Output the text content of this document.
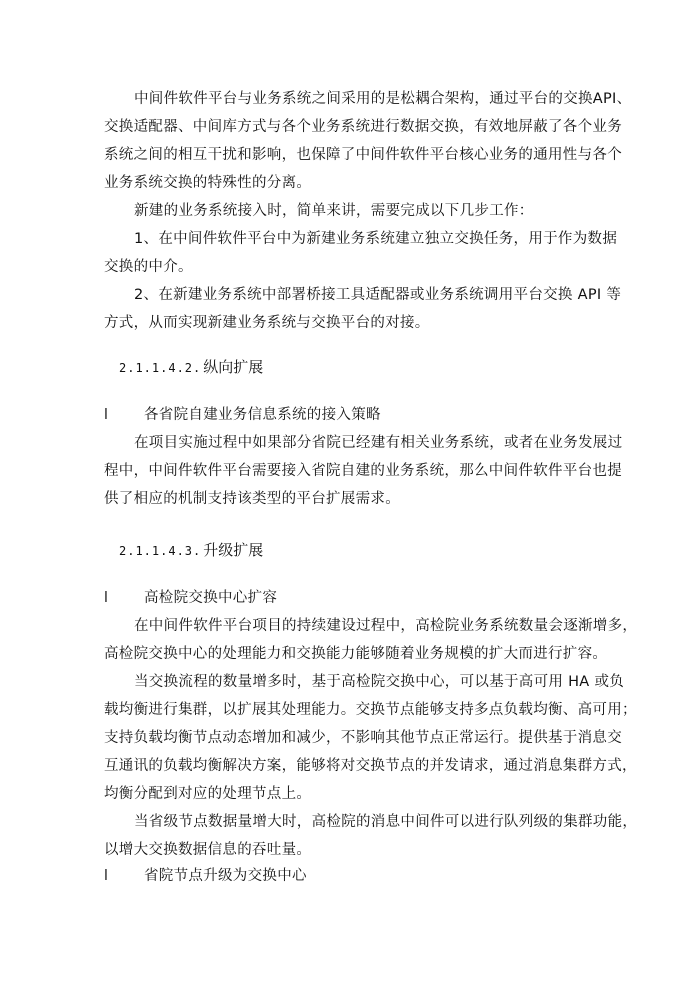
中间件软件平台与业务系统之间采用的是松耦合架构，通过平台的交换API、
交换适配器、中间库方式与各个业务系统进行数据交换，有效地屏蔽了各个业务
系统之间的相互干扰和影响，也保障了中间件软件平台核心业务的通用性与各个
业务系统交换的特殊性的分离。
新建的业务系统接入时，简单来讲，需要完成以下几步工作：
1、在中间件软件平台中为新建业务系统建立独立交换任务，用于作为数据
交换的中介。
2、在新建业务系统中部署桥接工具适配器或业务系统调用平台交换 API 等
方式，从而实现新建业务系统与交换平台的对接。
2.1.1.4.2. 纵向扩展
l 各省院自建业务信息系统的接入策略
在项目实施过程中如果部分省院已经建有相关业务系统，或者在业务发展过
程中，中间件软件平台需要接入省院自建的业务系统，那么中间件软件平台也提
供了相应的机制支持该类型的平台扩展需求。
2.1.1.4.3. 升级扩展
l 高检院交换中心扩容
在中间件软件平台项目的持续建设过程中，高检院业务系统数量会逐渐增多，
高检院交换中心的处理能力和交换能力能够随着业务规模的扩大而进行扩容。
当交换流程的数量增多时，基于高检院交换中心，可以基于高可用 HA 或负
载均衡进行集群，以扩展其处理能力。交换节点能够支持多点负载均衡、高可用；
支持负载均衡节点动态增加和减少，不影响其他节点正常运行。提供基于消息交
互通讯的负载均衡解决方案，能够将对交换节点的并发请求，通过消息集群方式，
均衡分配到对应的处理节点上。
当省级节点数据量增大时，高检院的消息中间件可以进行队列级的集群功能，
以增大交换数据信息的吞吐量。
l 省院节点升级为交换中心
